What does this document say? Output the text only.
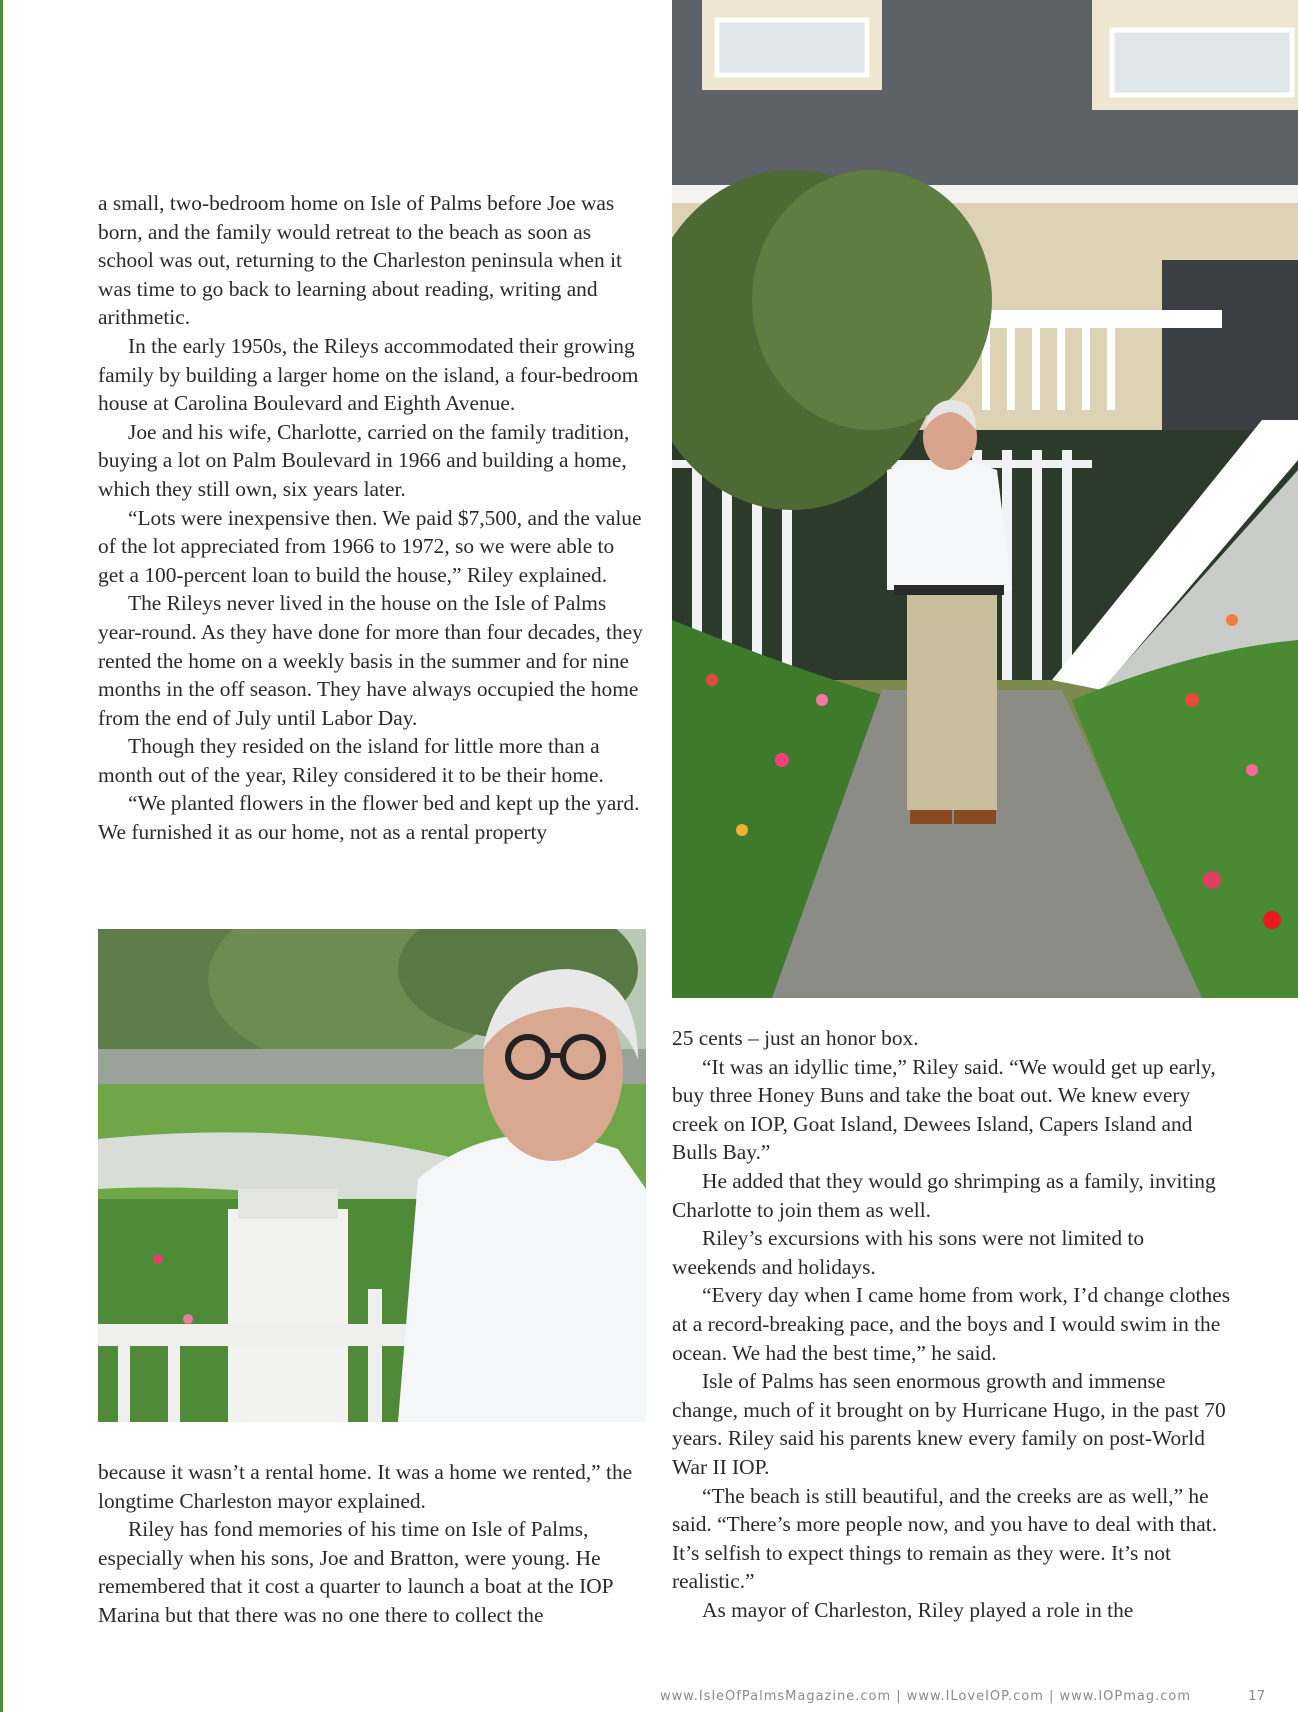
a small, two-bedroom home on Isle of Palms before Joe was born, and the family would retreat to the beach as soon as school was out, returning to the Charleston peninsula when it was time to go back to learning about reading, writing and arithmetic.

In the early 1950s, the Rileys accommodated their growing family by building a larger home on the island, a four-bedroom house at Carolina Boulevard and Eighth Avenue.

Joe and his wife, Charlotte, carried on the family tradition, buying a lot on Palm Boulevard in 1966 and building a home, which they still own, six years later.

“Lots were inexpensive then. We paid $7,500, and the value of the lot appreciated from 1966 to 1972, so we were able to get a 100-percent loan to build the house,” Riley explained.

The Rileys never lived in the house on the Isle of Palms year-round. As they have done for more than four decades, they rented the home on a weekly basis in the summer and for nine months in the off season. They have always occupied the home from the end of July until Labor Day.

Though they resided on the island for little more than a month out of the year, Riley considered it to be their home.

“We planted flowers in the flower bed and kept up the yard. We furnished it as our home, not as a rental property

because it wasn’t a rental home. It was a home we rented,” the longtime Charleston mayor explained.

Riley has fond memories of his time on Isle of Palms, especially when his sons, Joe and Bratton, were young. He remembered that it cost a quarter to launch a boat at the IOP Marina but that there was no one there to collect the

25 cents – just an honor box.

“It was an idyllic time,” Riley said. “We would get up early, buy three Honey Buns and take the boat out. We knew every creek on IOP, Goat Island, Dewees Island, Capers Island and Bulls Bay.”

He added that they would go shrimping as a family, inviting Charlotte to join them as well.

Riley’s excursions with his sons were not limited to weekends and holidays.

“Every day when I came home from work, I’d change clothes at a record-breaking pace, and the boys and I would swim in the ocean. We had the best time,” he said.

Isle of Palms has seen enormous growth and immense change, much of it brought on by Hurricane Hugo, in the past 70 years. Riley said his parents knew every family on post-World War II IOP.

“The beach is still beautiful, and the creeks are as well,” he said. “There’s more people now, and you have to deal with that. It’s selfish to expect things to remain as they were. It’s not realistic.”

As mayor of Charleston, Riley played a role in the

www.IsleOfPalmsMagazine.com | www.ILoveIOP.com | www.IOPmag.com	17
